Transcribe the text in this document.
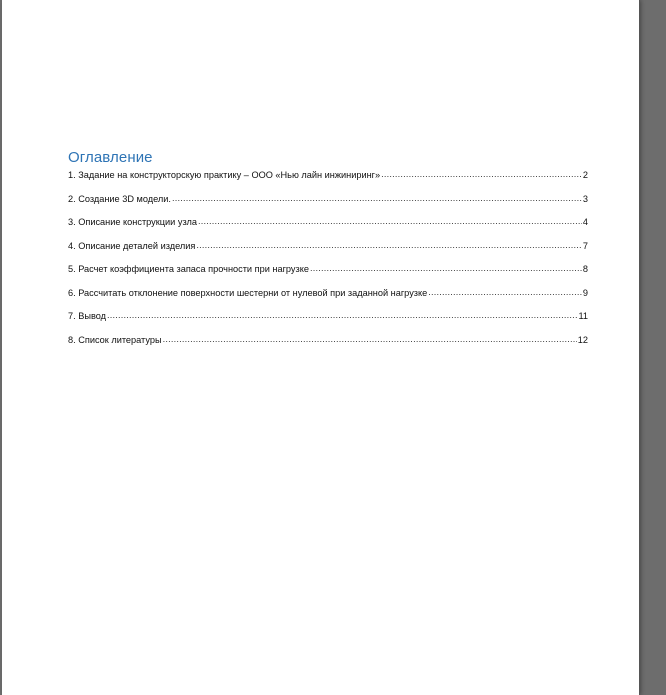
Оглавление
1. Задание на конструкторскую практику – ООО «Нью лайн инжиниринг» .....	2
2. Создание 3D модели. .....	3
3. Описание конструкции узла .....	4
4. Описание деталей изделия .....	7
5. Расчет коэффициента запаса прочности при нагрузке .....	8
6. Рассчитать отклонение поверхности шестерни от нулевой при заданной нагрузке .....	9
7. Вывод .....	11
8. Список литературы .....	12
